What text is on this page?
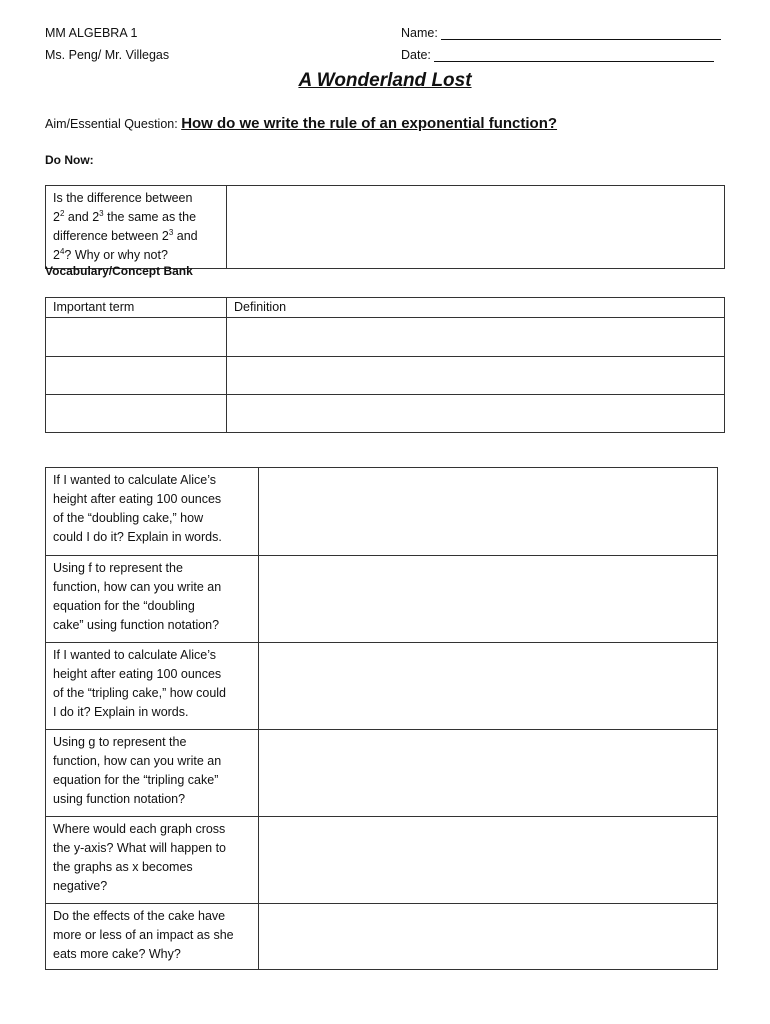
MM ALGEBRA 1
Ms. Peng/ Mr. Villegas
Name:
Date:
A Wonderland Lost
Aim/Essential Question: How do we write the rule of an exponential function?
Do Now:
Is the difference between
$2^2$ and $2^3$ the same as the
difference between $2^3$ and
$2^4$? Why or why not?	
Vocabulary/Concept Bank
Important term	Definition

If I wanted to calculate Alice’s
height after eating 100 ounces
of the “doubling cake,” how
could I do it? Explain in words.	

Using f to represent the
function, how can you write an
equation for the “doubling
cake” using function notation?	

If I wanted to calculate Alice’s
height after eating 100 ounces
of the “tripling cake,” how could
I do it? Explain in words.	

Using g to represent the
function, how can you write an
equation for the “tripling cake”
using function notation?	

Where would each graph cross
the y-axis? What will happen to
the graphs as x becomes
negative?	

Do the effects of the cake have
more or less of an impact as she
eats more cake? Why?	
